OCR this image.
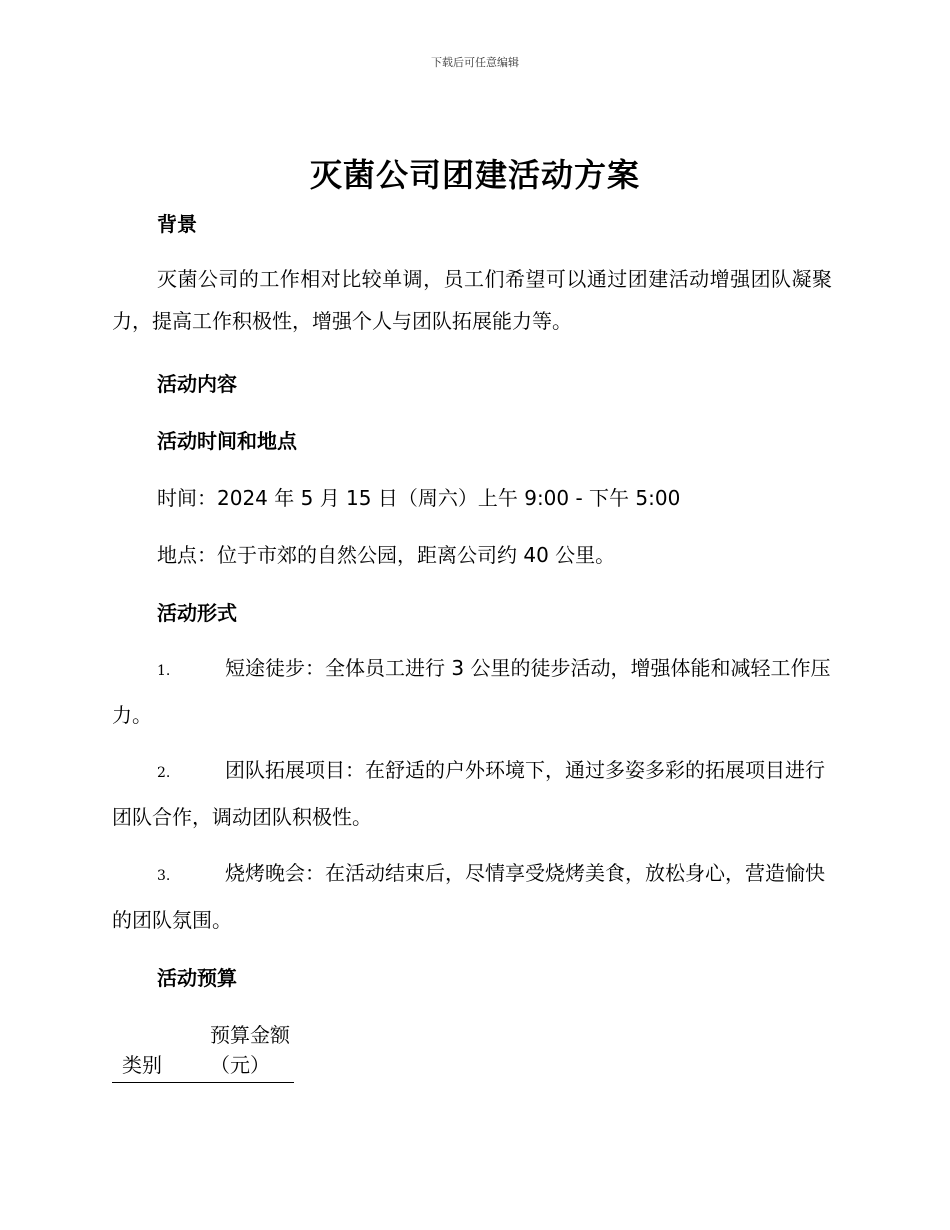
下载后可任意编辑
灭菌公司团建活动方案
背景
灭菌公司的工作相对比较单调，员工们希望可以通过团建活动增强团队凝聚力，提高工作积极性，增强个人与团队拓展能力等。
活动内容
活动时间和地点
时间：2024 年 5 月 15 日（周六）上午 9:00 - 下午 5:00
地点：位于市郊的自然公园，距离公司约 40 公里。
活动形式
1.	短途徒步：全体员工进行 3 公里的徒步活动，增强体能和减轻工作压力。
2.	团队拓展项目：在舒适的户外环境下，通过多姿多彩的拓展项目进行团队合作，调动团队积极性。
3.	烧烤晚会：在活动结束后，尽情享受烧烤美食，放松身心，营造愉快的团队氛围。
活动预算
类别	预算金额（元）
